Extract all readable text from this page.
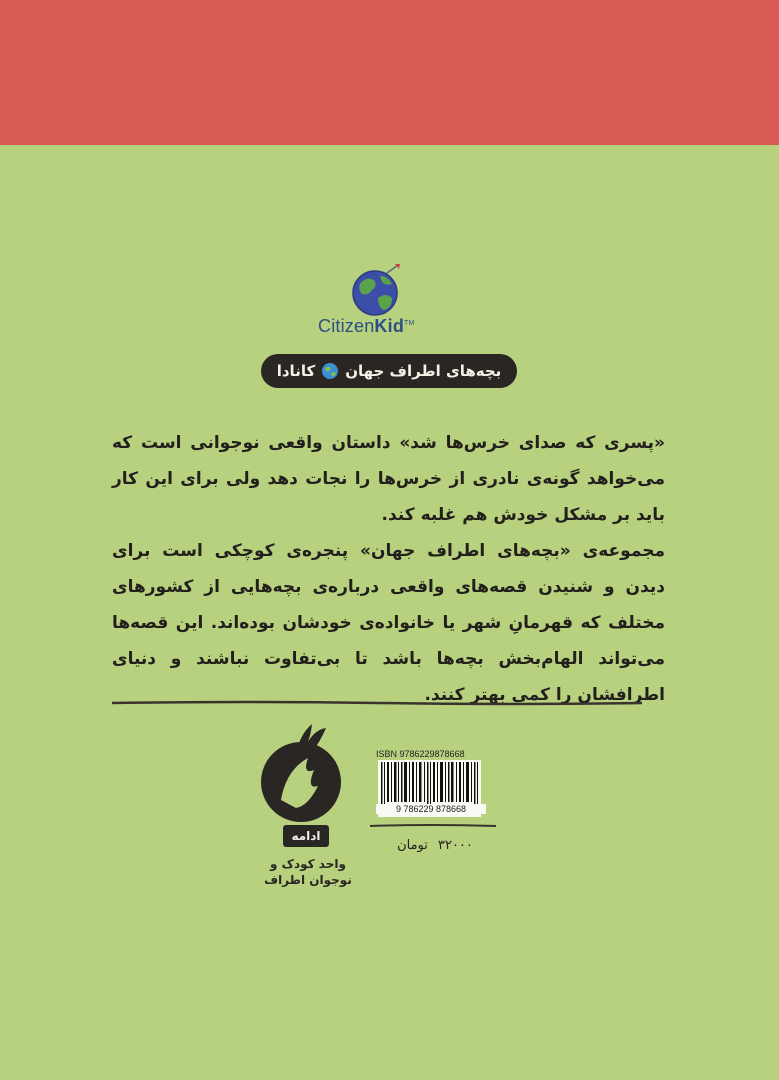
CitizenKid™
بچه‌های اطراف جهان
کانادا

«پسری که صدای خرس‌ها شد» داستان واقعی نوجوانی است که می‌خواهد گونه‌ی نادری از خرس‌ها را نجات دهد ولی برای این کار باید بر مشکل خودش هم غلبه کند.

مجموعه‌ی «بچه‌های اطراف جهان» پنجره‌ی کوچکی است برای دیدن و شنیدن قصه‌های واقعی درباره‌ی بچه‌هایی از کشورهای مختلف که قهرمانِ شهر یا خانواده‌ی خودشان بوده‌اند. این قصه‌ها می‌تواند الهام‌بخش بچه‌ها باشد تا بی‌تفاوت نباشند و دنیای اطرافشان را کمی بهتر کنند.

ادامه
واحد کودک و
نوجوان اطراف
ISBN 9786229878668
9 786229 878668
۳۲۰۰۰ تومان
